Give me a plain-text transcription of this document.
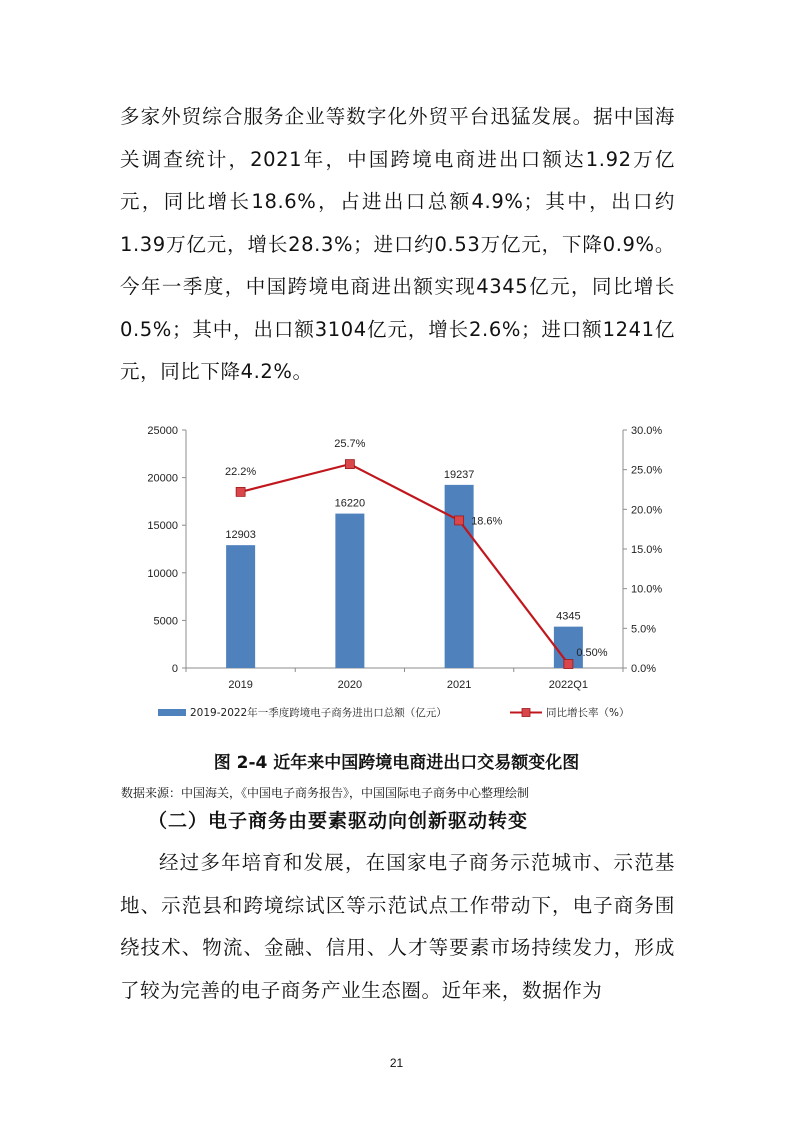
多家外贸综合服务企业等数字化外贸平台迅猛发展。据中国海关调查统计，2021年，中国跨境电商进出口额达1.92万亿元，同比增长18.6%，占进出口总额4.9%；其中，出口约1.39万亿元，增长28.3%；进口约0.53万亿元，下降0.9%。今年一季度，中国跨境电商进出额实现4345亿元，同比增长0.5%；其中，出口额3104亿元，增长2.6%；进口额1241亿元，同比下降4.2%。

0
5000
10000
15000
20000
25000
0.0%
5.0%
10.0%
15.0%
20.0%
25.0%
30.0%
2019	2020	2021	2022Q1
12903
16220
19237
4345
22.2%
25.7%
18.6%
0.50%
2019-2022年一季度跨境电子商务进出口总额（亿元）	同比增长率（%）
图 2-4 近年来中国跨境电商进出口交易额变化图
数据来源：中国海关，《中国电子商务报告》，中国国际电子商务中心整理绘制
（二）电子商务由要素驱动向创新驱动转变

经过多年培育和发展，在国家电子商务示范城市、示范基地、示范县和跨境综试区等示范试点工作带动下，电子商务围绕技术、物流、金融、信用、人才等要素市场持续发力，形成了较为完善的电子商务产业生态圈。近年来，数据作为

21
